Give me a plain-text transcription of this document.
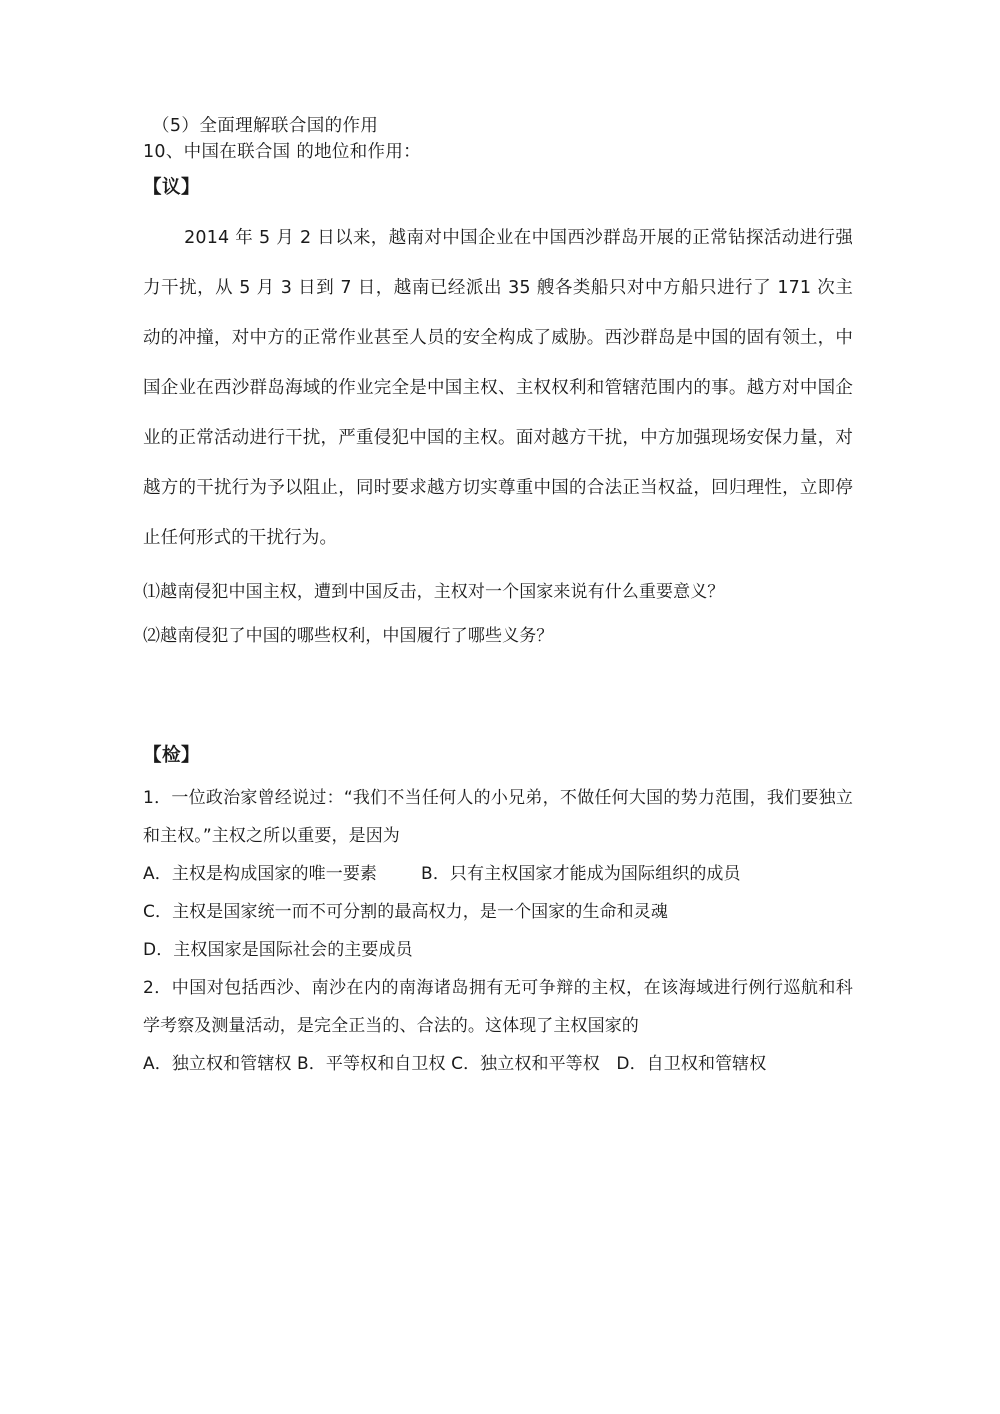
（5）全面理解联合国的作用
10、中国在联合国 的地位和作用：
【议】
2014 年 5 月 2 日以来，越南对中国企业在中国西沙群岛开展的正常钻探活动进行强力干扰，从 5 月 3 日到 7 日，越南已经派出 35 艘各类船只对中方船只进行了 171 次主动的冲撞，对中方的正常作业甚至人员的安全构成了威胁。西沙群岛是中国的固有领土，中国企业在西沙群岛海域的作业完全是中国主权、主权权利和管辖范围内的事。越方对中国企业的正常活动进行干扰，严重侵犯中国的主权。面对越方干扰，中方加强现场安保力量，对越方的干扰行为予以阻止，同时要求越方切实尊重中国的合法正当权益，回归理性，立即停止任何形式的干扰行为。
⑴越南侵犯中国主权，遭到中国反击，主权对一个国家来说有什么重要意义？
⑵越南侵犯了中国的哪些权利，中国履行了哪些义务？
【检】
1．一位政治家曾经说过：“我们不当任何人的小兄弟，不做任何大国的势力范围，我们要独立和主权。”主权之所以重要，是因为
A．主权是构成国家的唯一要素        B．只有主权国家才能成为国际组织的成员
C．主权是国家统一而不可分割的最高权力，是一个国家的生命和灵魂
D．主权国家是国际社会的主要成员
2．中国对包括西沙、南沙在内的南海诸岛拥有无可争辩的主权，在该海域进行例行巡航和科学考察及测量活动，是完全正当的、合法的。这体现了主权国家的
A．独立权和管辖权 B．平等权和自卫权 C．独立权和平等权   D．自卫权和管辖权
